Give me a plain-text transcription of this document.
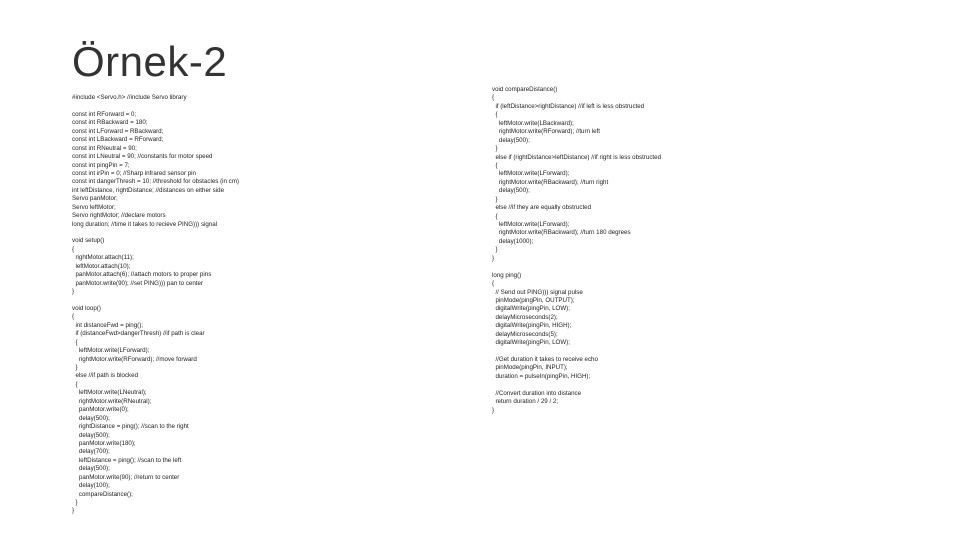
Örnek-2
#include <Servo.h> //include Servo library
const int RForward = 0;
const int RBackward = 180;
const int LForward = RBackward;
const int LBackward = RForward;
const int RNeutral = 90;
const int LNeutral = 90; //constants for motor speed
const int pingPin = 7;
const int irPin = 0; //Sharp infrared sensor pin
const int dangerThresh = 10; //threshold for obstacles (in cm)
int leftDistance, rightDistance; //distances on either side
Servo panMotor;
Servo leftMotor;
Servo rightMotor; //declare motors
long duration; //time it takes to recieve PING))) signal
void setup()
{
rightMotor.attach(11);
leftMotor.attach(10);
panMotor.attach(6); //attach motors to proper pins
panMotor.write(90); //set PING))) pan to center
}
void loop()
{
int distanceFwd = ping();
if (distanceFwd>dangerThresh) //if path is clear
{
leftMotor.write(LForward);
rightMotor.write(RForward); //move forward
}
else //if path is blocked
{
leftMotor.write(LNeutral);
rightMotor.write(RNeutral);
panMotor.write(0);
delay(500);
rightDistance = ping(); //scan to the right
delay(500);
panMotor.write(180);
delay(700);
leftDistance = ping(); //scan to the left
delay(500);
panMotor.write(90); //return to center
delay(100);
compareDistance();
}
}
void compareDistance()
{
if (leftDistance>rightDistance) //if left is less obstructed
{
leftMotor.write(LBackward);
rightMotor.write(RForward); //turn left
delay(500);
}
else if (rightDistance>leftDistance) //if right is less obstructed
{
leftMotor.write(LForward);
rightMotor.write(RBackward); //turn right
delay(500);
}
else //if they are equally obstructed
{
leftMotor.write(LForward);
rightMotor.write(RBackward); //turn 180 degrees
delay(1000);
}
}
long ping()
{
// Send out PING))) signal pulse
pinMode(pingPin, OUTPUT);
digitalWrite(pingPin, LOW);
delayMicroseconds(2);
digitalWrite(pingPin, HIGH);
delayMicroseconds(5);
digitalWrite(pingPin, LOW);
//Get duration it takes to receive echo
pinMode(pingPin, INPUT);
duration = pulseIn(pingPin, HIGH);
//Convert duration into distance
return duration / 29 / 2;
}
